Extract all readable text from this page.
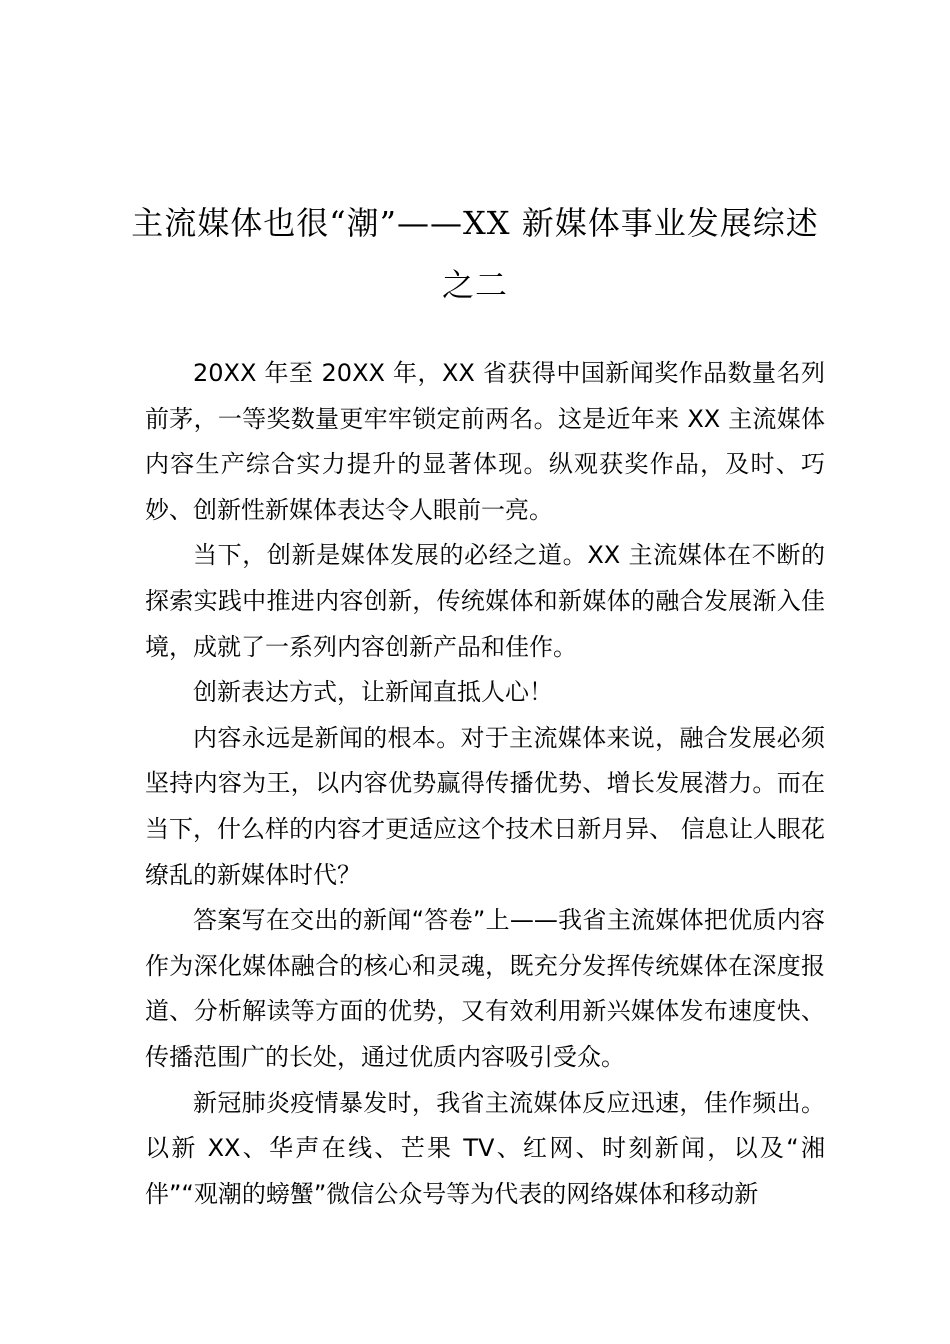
主流媒体也很“潮”——XX 新媒体事业发展综述之二

20XX 年至 20XX 年，XX 省获得中国新闻奖作品数量名列前茅，一等奖数量更牢牢锁定前两名。这是近年来 XX 主流媒体内容生产综合实力提升的显著体现。纵观获奖作品，及时、巧妙、创新性新媒体表达令人眼前一亮。

当下，创新是媒体发展的必经之道。XX 主流媒体在不断的探索实践中推进内容创新，传统媒体和新媒体的融合发展渐入佳境，成就了一系列内容创新产品和佳作。

创新表达方式，让新闻直抵人心！

内容永远是新闻的根本。对于主流媒体来说，融合发展必须坚持内容为王，以内容优势赢得传播优势、增长发展潜力。而在当下，什么样的内容才更适应这个技术日新月异、 信息让人眼花缭乱的新媒体时代？

答案写在交出的新闻“答卷”上——我省主流媒体把优质内容作为深化媒体融合的核心和灵魂，既充分发挥传统媒体在深度报道、分析解读等方面的优势，又有效利用新兴媒体发布速度快、传播范围广的长处，通过优质内容吸引受众。

新冠肺炎疫情暴发时，我省主流媒体反应迅速，佳作频出。以新 XX、华声在线、芒果 TV、红网、时刻新闻，以及“湘伴”“观潮的螃蟹”微信公众号等为代表的网络媒体和移动新
